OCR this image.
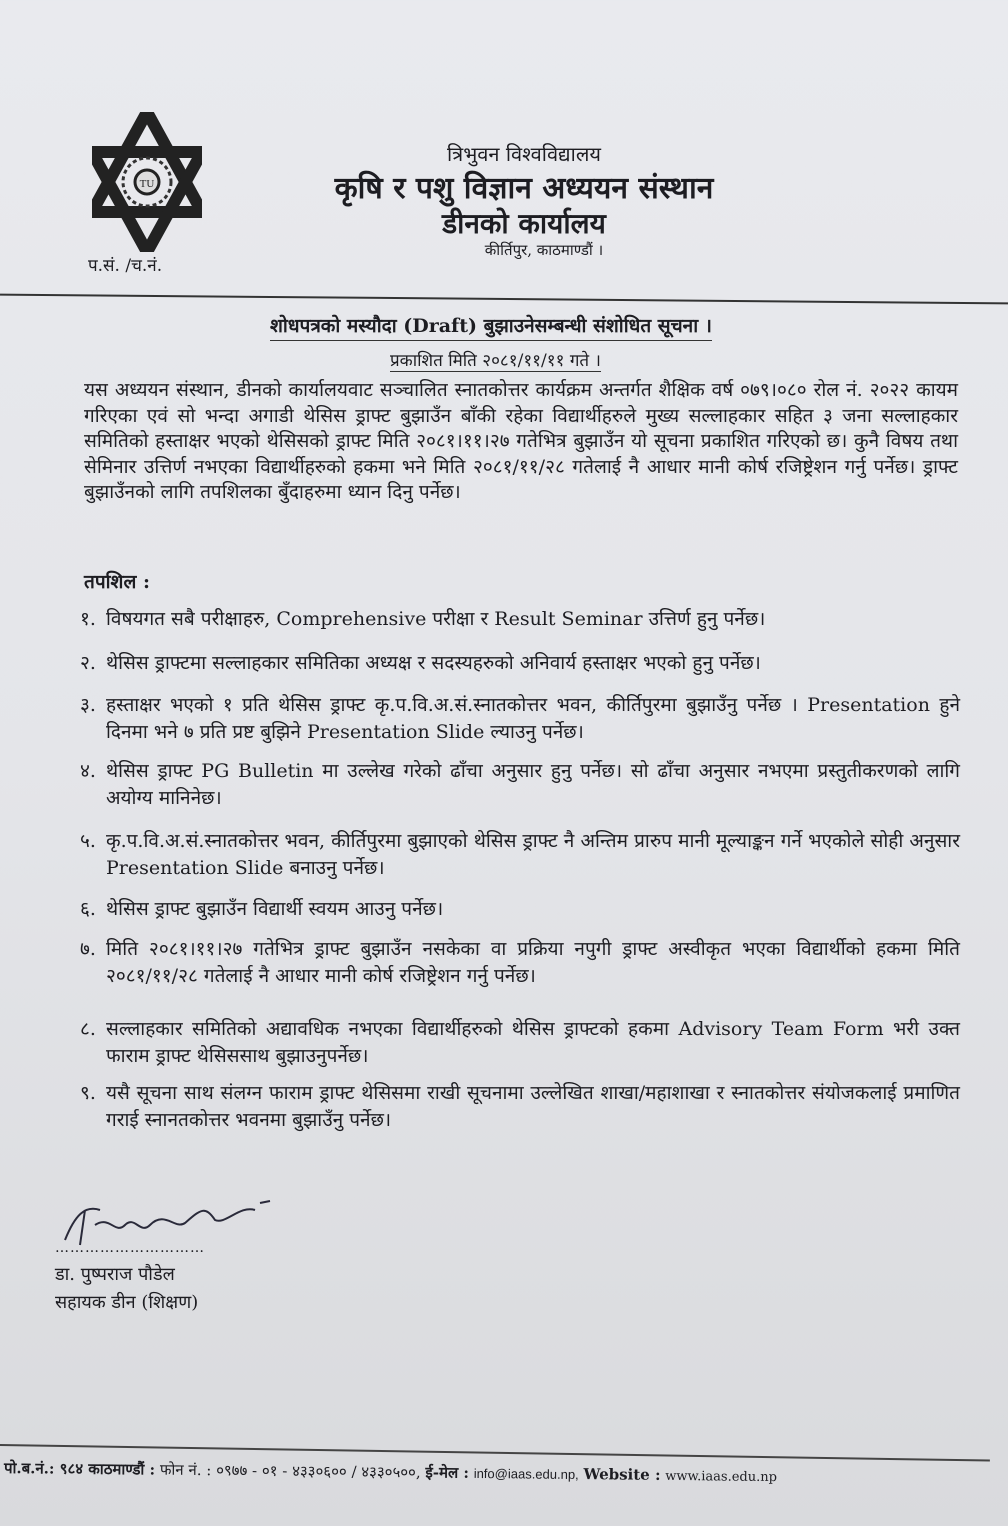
TU
त्रिभुवन विश्वविद्यालय
कृषि र पशु विज्ञान अध्ययन संस्थान
डीनको कार्यालय
कीर्तिपुर, काठमाण्डौं ।
प.सं. /च.नं.
शोधपत्रको मस्यौदा (Draft) बुझाउनेसम्बन्धी संशोधित सूचना ।
प्रकाशित मिति २०८१/११/११ गते ।
यस अध्ययन संस्थान, डीनको कार्यालयवाट सञ्चालित स्नातकोत्तर कार्यक्रम अन्तर्गत शैक्षिक वर्ष ०७९।०८० रोल नं. २०२२ कायम गरिएका एवं सो भन्दा अगाडी थेसिस ड्राफ्ट बुझाउँन बाँकी रहेका विद्यार्थीहरुले मुख्य सल्लाहकार सहित ३ जना सल्लाहकार समितिको हस्ताक्षर भएको थेसिसको ड्राफ्ट मिति २०८१।११।२७ गतेभित्र बुझाउँन यो सूचना प्रकाशित गरिएको छ। कुनै विषय तथा सेमिनार उत्तिर्ण नभएका विद्यार्थीहरुको हकमा भने मिति २०८१/११/२८ गतेलाई नै आधार मानी कोर्ष रजिष्ट्रेशन गर्नु पर्नेछ। ड्राफ्ट बुझाउँनको लागि तपशिलका बुँदाहरुमा ध्यान दिनु पर्नेछ।
तपशिल :
१. विषयगत सबै परीक्षाहरु, Comprehensive परीक्षा र Result Seminar उत्तिर्ण हुनु पर्नेछ।
२. थेसिस ड्राफ्टमा सल्लाहकार समितिका अध्यक्ष र सदस्यहरुको अनिवार्य हस्ताक्षर भएको हुनु पर्नेछ।
३. हस्ताक्षर भएको १ प्रति थेसिस ड्राफ्ट कृ.प.वि.अ.सं.स्नातकोत्तर भवन, कीर्तिपुरमा बुझाउँनु पर्नेछ । Presentation हुने दिनमा भने ७ प्रति प्रष्ट बुझिने Presentation Slide ल्याउनु पर्नेछ।
४. थेसिस ड्राफ्ट PG Bulletin मा उल्लेख गरेको ढाँचा अनुसार हुनु पर्नेछ। सो ढाँचा अनुसार नभएमा प्रस्तुतीकरणको लागि अयोग्य मानिनेछ।
५. कृ.प.वि.अ.सं.स्नातकोत्तर भवन, कीर्तिपुरमा बुझाएको थेसिस ड्राफ्ट नै अन्तिम प्रारुप मानी मूल्याङ्कन गर्ने भएकोले सोही अनुसार Presentation Slide बनाउनु पर्नेछ।
६. थेसिस ड्राफ्ट बुझाउँन विद्यार्थी स्वयम आउनु पर्नेछ।
७. मिति २०८१।११।२७ गतेभित्र ड्राफ्ट बुझाउँन नसकेका वा प्रक्रिया नपुगी ड्राफ्ट अस्वीकृत भएका विद्यार्थीको हकमा मिति २०८१/११/२८ गतेलाई नै आधार मानी कोर्ष रजिष्ट्रेशन गर्नु पर्नेछ।
८. सल्लाहकार समितिको अद्यावधिक नभएका विद्यार्थीहरुको थेसिस ड्राफ्टको हकमा Advisory Team Form भरी उक्त फाराम ड्राफ्ट थेसिससाथ बुझाउनुपर्नेछ।
९. यसै सूचना साथ संलग्न फाराम ड्राफ्ट थेसिसमा राखी सूचनामा उल्लेखित शाखा/महाशाखा र स्नातकोत्तर संयोजकलाई प्रमाणित गराई स्नानतकोत्तर भवनमा बुझाउँनु पर्नेछ।
…………………………
डा. पुष्पराज पौडेल
सहायक डीन (शिक्षण)
पो.ब.नं.: ९८४ काठमाण्डौं : फोन नं. : ०९७७ - ०१ - ४३३०६०० / ४३३०५००, ई-मेल : info@iaas.edu.np, Website : www.iaas.edu.np
